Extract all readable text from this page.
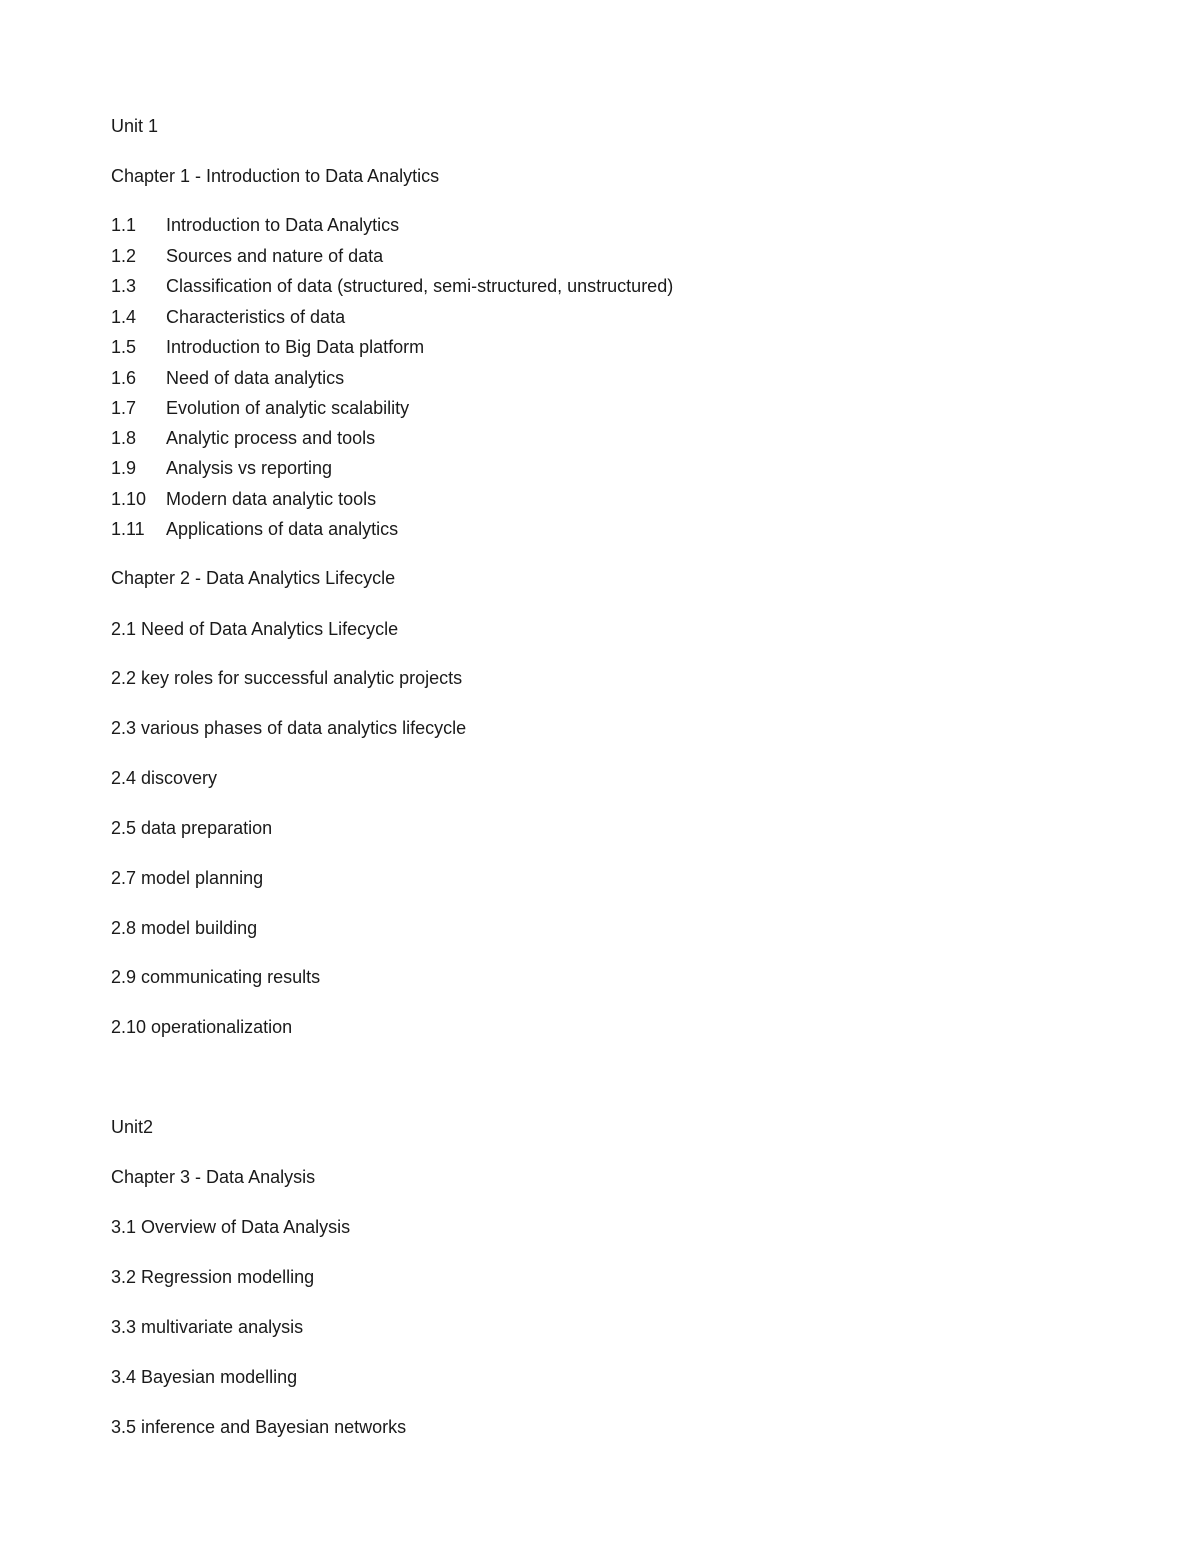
Unit 1
Chapter 1 - Introduction to Data Analytics
1.1 Introduction to Data Analytics
1.2 Sources and nature of data
1.3 Classification of data (structured, semi-structured, unstructured)
1.4 Characteristics of data
1.5 Introduction to Big Data platform
1.6 Need of data analytics
1.7 Evolution of analytic scalability
1.8 Analytic process and tools
1.9 Analysis vs reporting
1.10 Modern data analytic tools
1.11 Applications of data analytics
Chapter 2 - Data Analytics Lifecycle
2.1 Need of Data Analytics Lifecycle
2.2 key roles for successful analytic projects
2.3 various phases of data analytics lifecycle
2.4 discovery
2.5 data preparation
2.7 model planning
2.8 model building
2.9 communicating results
2.10 operationalization
Unit2
Chapter 3 - Data Analysis
3.1 Overview of Data Analysis
3.2 Regression modelling
3.3 multivariate analysis
3.4 Bayesian modelling
3.5 inference and Bayesian networks
